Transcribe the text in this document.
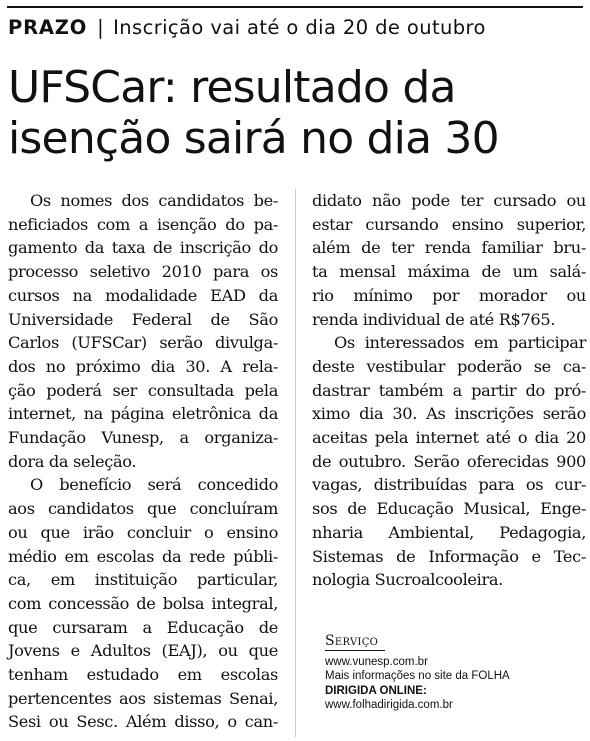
PRAZO | Inscrição vai até o dia 20 de outubro
UFSCar: resultado da
isenção sairá no dia 30
Os nomes dos candidatos be-
neficiados com a isenção do pa-
gamento da taxa de inscrição do
processo seletivo 2010 para os
cursos na modalidade EAD da
Universidade Federal de São
Carlos (UFSCar) serão divulga-
dos no próximo dia 30. A rela-
ção poderá ser consultada pela
internet, na página eletrônica da
Fundação Vunesp, a organiza-
dora da seleção.
O benefício será concedido
aos candidatos que concluíram
ou que irão concluir o ensino
médio em escolas da rede públi-
ca, em instituição particular,
com concessão de bolsa integral,
que cursaram a Educação de
Jovens e Adultos (EAJ), ou que
tenham estudado em escolas
pertencentes aos sistemas Senai,
Sesi ou Sesc. Além disso, o can-
didato não pode ter cursado ou
estar cursando ensino superior,
além de ter renda familiar bru-
ta mensal máxima de um salá-
rio mínimo por morador ou
renda individual de até R$765.
Os interessados em participar
deste vestibular poderão se ca-
dastrar também a partir do pró-
ximo dia 30. As inscrições serão
aceitas pela internet até o dia 20
de outubro. Serão oferecidas 900
vagas, distribuídas para os cur-
sos de Educação Musical, Enge-
nharia Ambiental, Pedagogia,
Sistemas de Informação e Tec-
nologia Sucroalcooleira.
Serviço
www.vunesp.com.br
Mais informações no site da FOLHA
DIRIGIDA ONLINE:
www.folhadirigida.com.br
